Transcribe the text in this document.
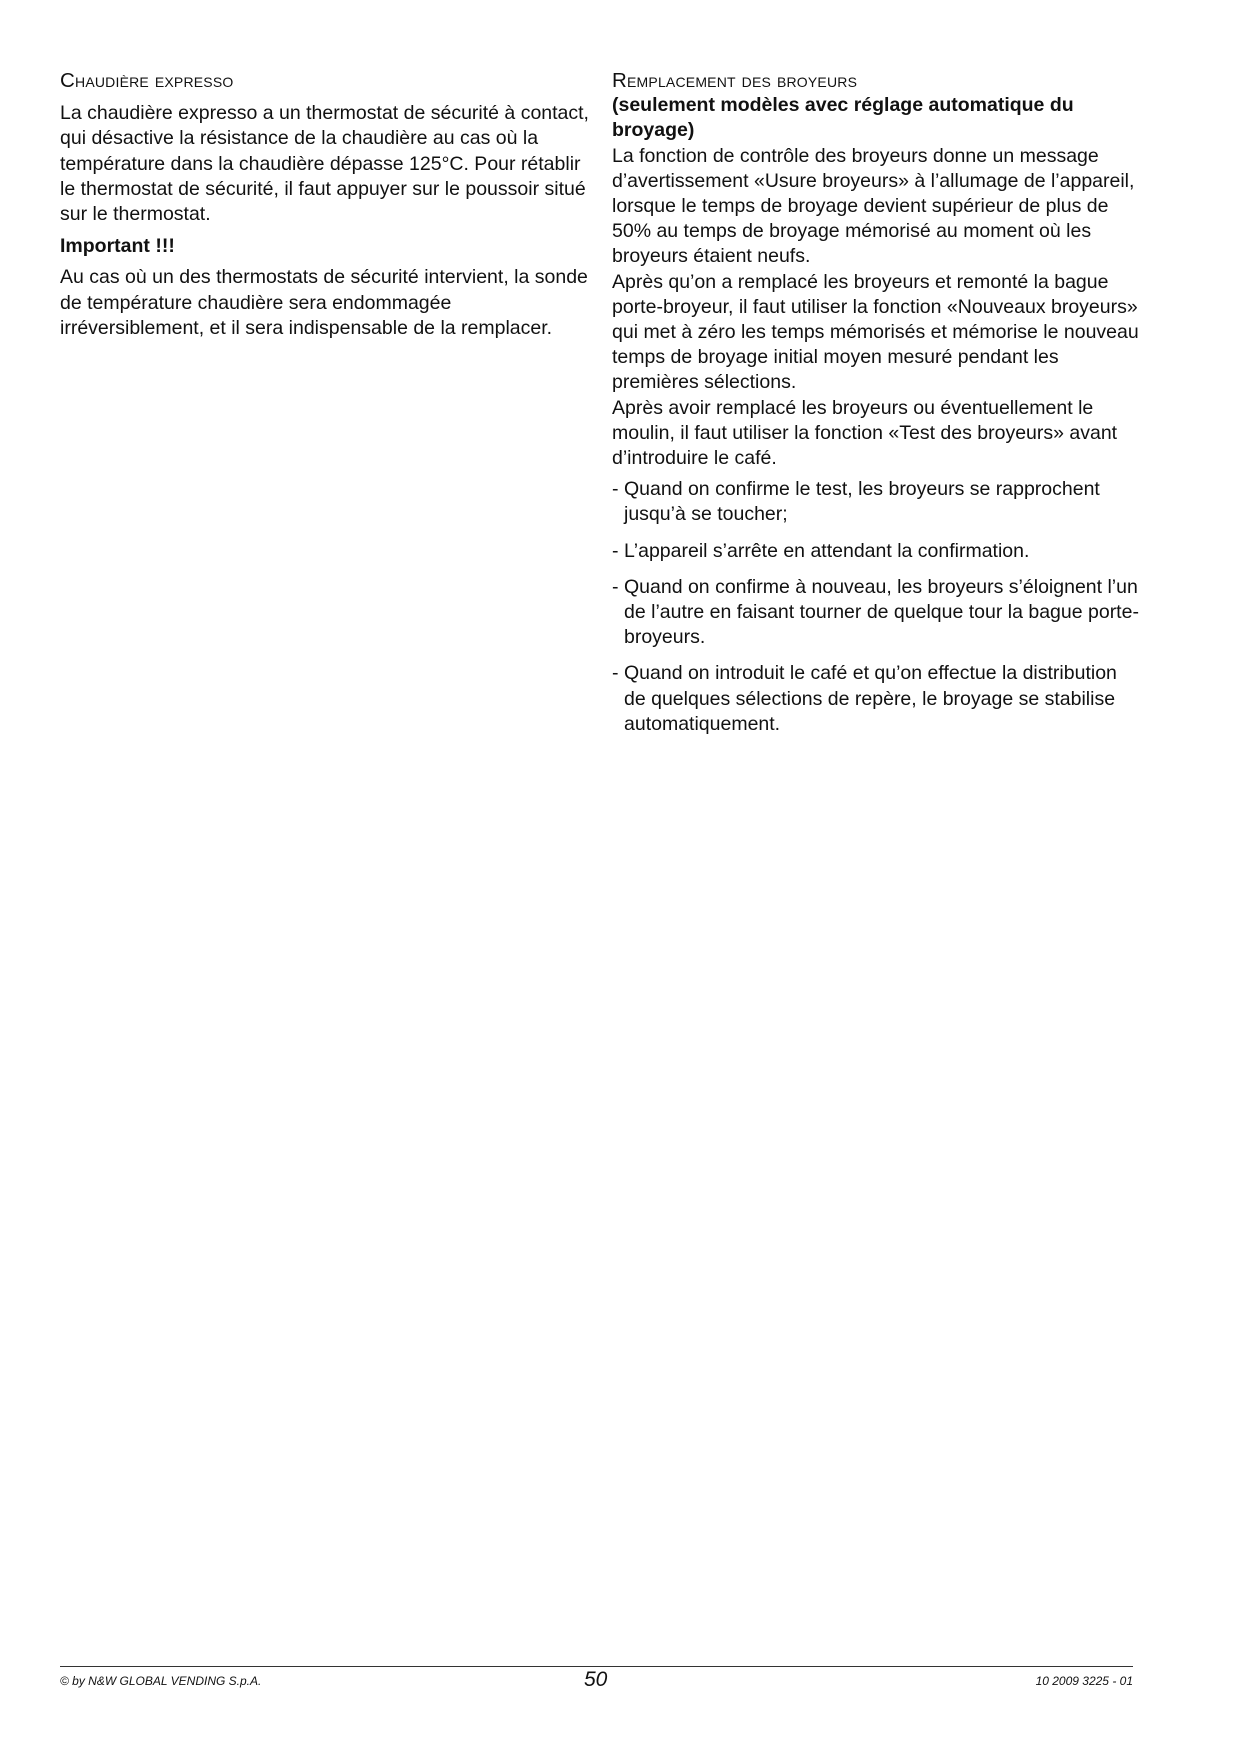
Chaudière expresso

La chaudière expresso a un thermostat de sécurité à contact, qui désactive la résistance de la chaudière au cas où la température dans la chaudière dépasse 125°C. Pour rétablir le thermostat de sécurité, il faut appuyer sur le poussoir situé sur le thermostat.

Important !!!

Au cas où un des thermostats de sécurité intervient, la sonde de température chaudière sera endommagée irréversiblement, et il sera indispensable de la remplacer.

Remplacement des broyeurs

(seulement modèles avec réglage automatique du broyage)

La fonction de contrôle des broyeurs donne un message d’avertissement «Usure broyeurs» à l’allumage de l’appareil, lorsque le temps de broyage devient supérieur de plus de 50% au temps de broyage mémorisé au moment où les broyeurs étaient neufs.

Après qu’on a remplacé les broyeurs et remonté la bague porte-broyeur, il faut utiliser la fonction «Nouveaux broyeurs» qui met à zéro les temps mémorisés et mémorise le nouveau temps de broyage initial moyen mesuré pendant les premières sélections.

Après avoir remplacé les broyeurs ou éventuellement le moulin, il faut utiliser la fonction «Test des broyeurs» avant d’introduire le café.

- Quand on confirme le test, les broyeurs se rapprochent jusqu’à se toucher;
- L’appareil s’arrête en attendant la confirmation.
- Quand on confirme à nouveau, les broyeurs s’éloignent l’un de l’autre en faisant tourner de quelque tour la bague porte-broyeurs.
- Quand on introduit le café et qu’on effectue la distribution de quelques sélections de repère, le broyage se stabilise automatiquement.
© by N&W GLOBAL VENDING S.p.A.	50	10 2009 3225 - 01
